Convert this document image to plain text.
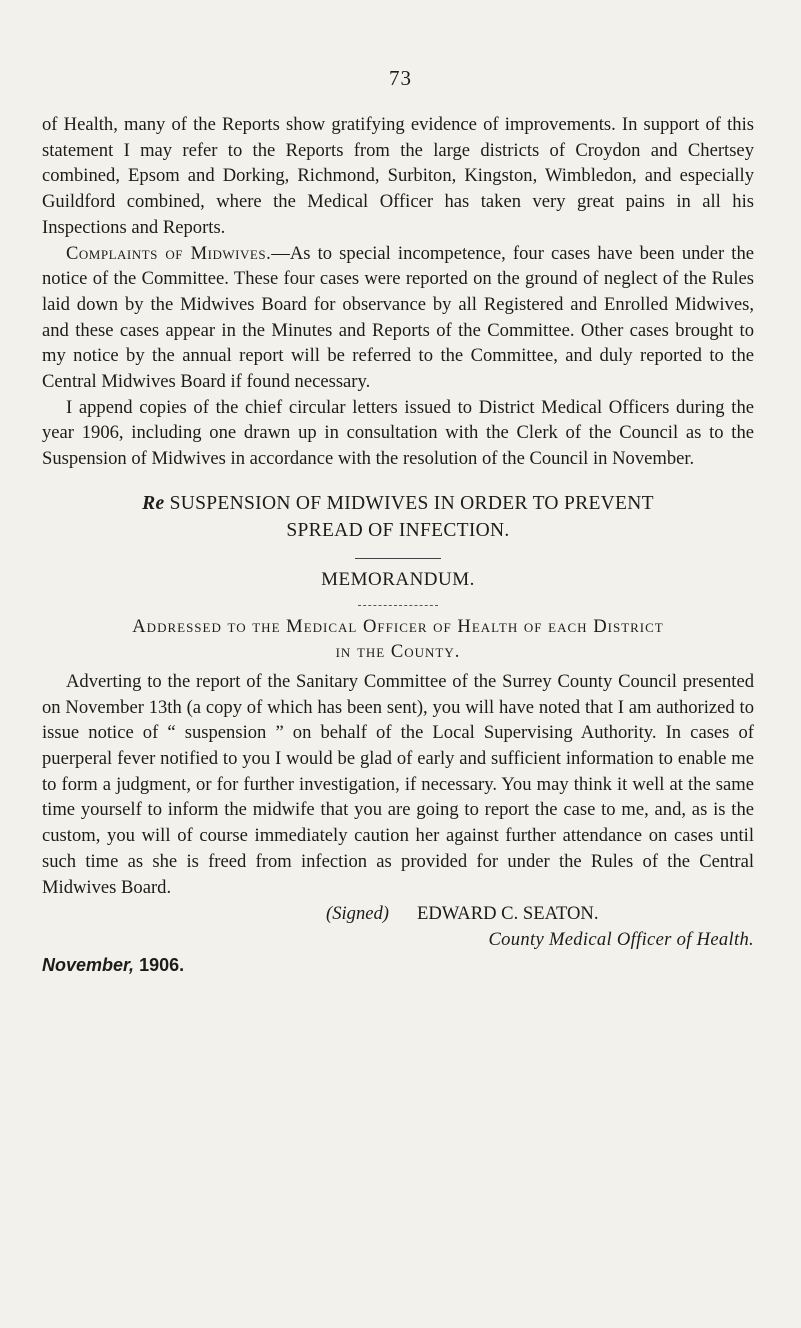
73

of Health, many of the Reports show gratifying evidence of improvements. In support of this statement I may refer to the Reports from the large districts of Croydon and Chertsey combined, Epsom and Dorking, Richmond, Surbiton, Kingston, Wimbledon, and especially Guildford combined, where the Medical Officer has taken very great pains in all his Inspections and Reports.

Complaints of Midwives.—As to special incompetence, four cases have been under the notice of the Committee. These four cases were reported on the ground of neglect of the Rules laid down by the Midwives Board for observance by all Registered and Enrolled Midwives, and these cases appear in the Minutes and Reports of the Committee. Other cases brought to my notice by the annual report will be referred to the Committee, and duly reported to the Central Midwives Board if found necessary.

I append copies of the chief circular letters issued to District Medical Officers during the year 1906, including one drawn up in consultation with the Clerk of the Council as to the Suspension of Midwives in accordance with the resolution of the Council in November.

Re SUSPENSION OF MIDWIVES IN ORDER TO PREVENT
SPREAD OF INFECTION.
MEMORANDUM.
Addressed to the Medical Officer of Health of each District
in the County.

Adverting to the report of the Sanitary Committee of the Surrey County Council presented on November 13th (a copy of which has been sent), you will have noted that I am authorized to issue notice of “ suspension ” on behalf of the Local Supervising Authority. In cases of puerperal fever notified to you I would be glad of early and sufficient information to enable me to form a judgment, or for further investigation, if necessary. You may think it well at the same time yourself to inform the midwife that you are going to report the case to me, and, as is the custom, you will of course immediately caution her against further attendance on cases until such time as she is freed from infection as provided for under the Rules of the Central Midwives Board.

(Signed) EDWARD C. SEATON.
County Medical Officer of Health.
November, 1906.
